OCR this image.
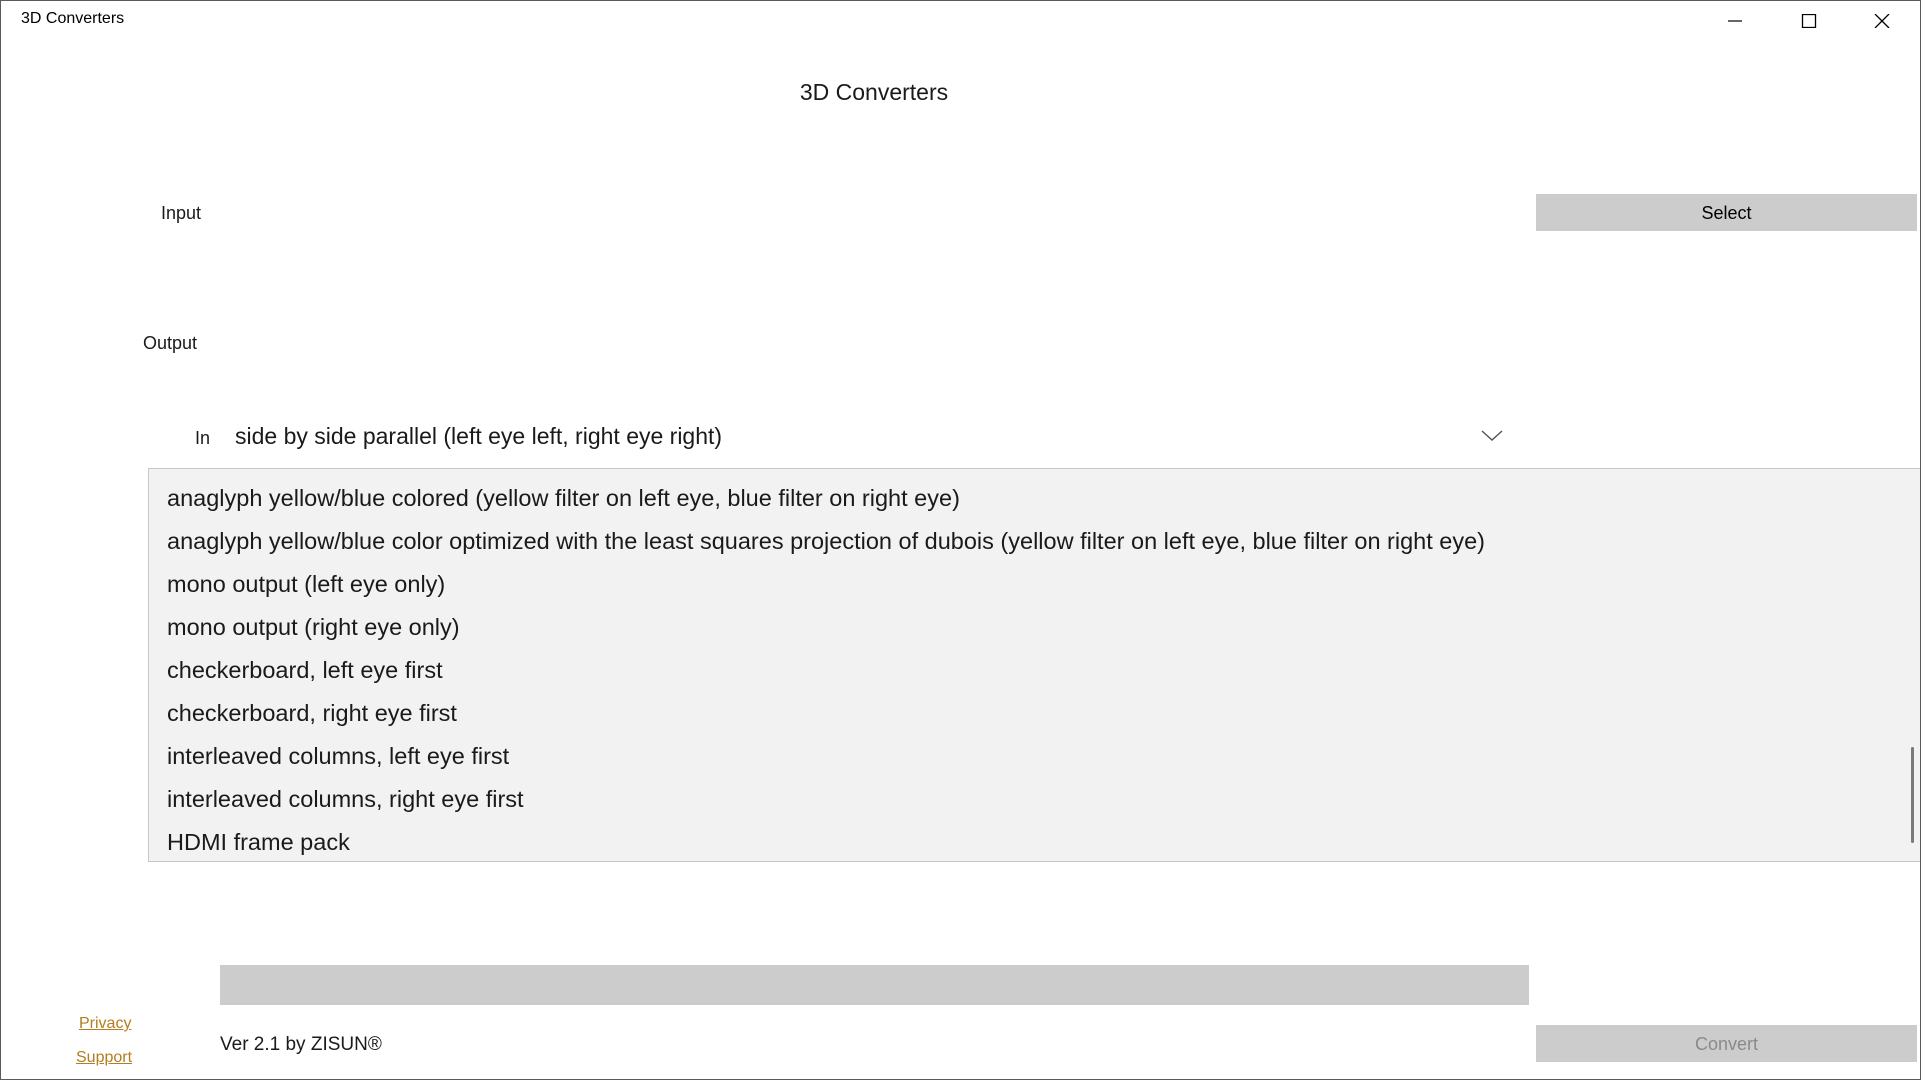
3D Converters
3D Converters
Input	Select
Output
In side by side parallel (left eye left, right eye right)
anaglyph yellow/blue colored (yellow filter on left eye, blue filter on right eye)
anaglyph yellow/blue color optimized with the least squares projection of dubois (yellow filter on left eye, blue filter on right eye)
mono output (left eye only)
mono output (right eye only)
checkerboard, left eye first
checkerboard, right eye first
interleaved columns, left eye first
interleaved columns, right eye first
HDMI frame pack
Privacy
Support
Ver 2.1 by ZISUN®	Convert
